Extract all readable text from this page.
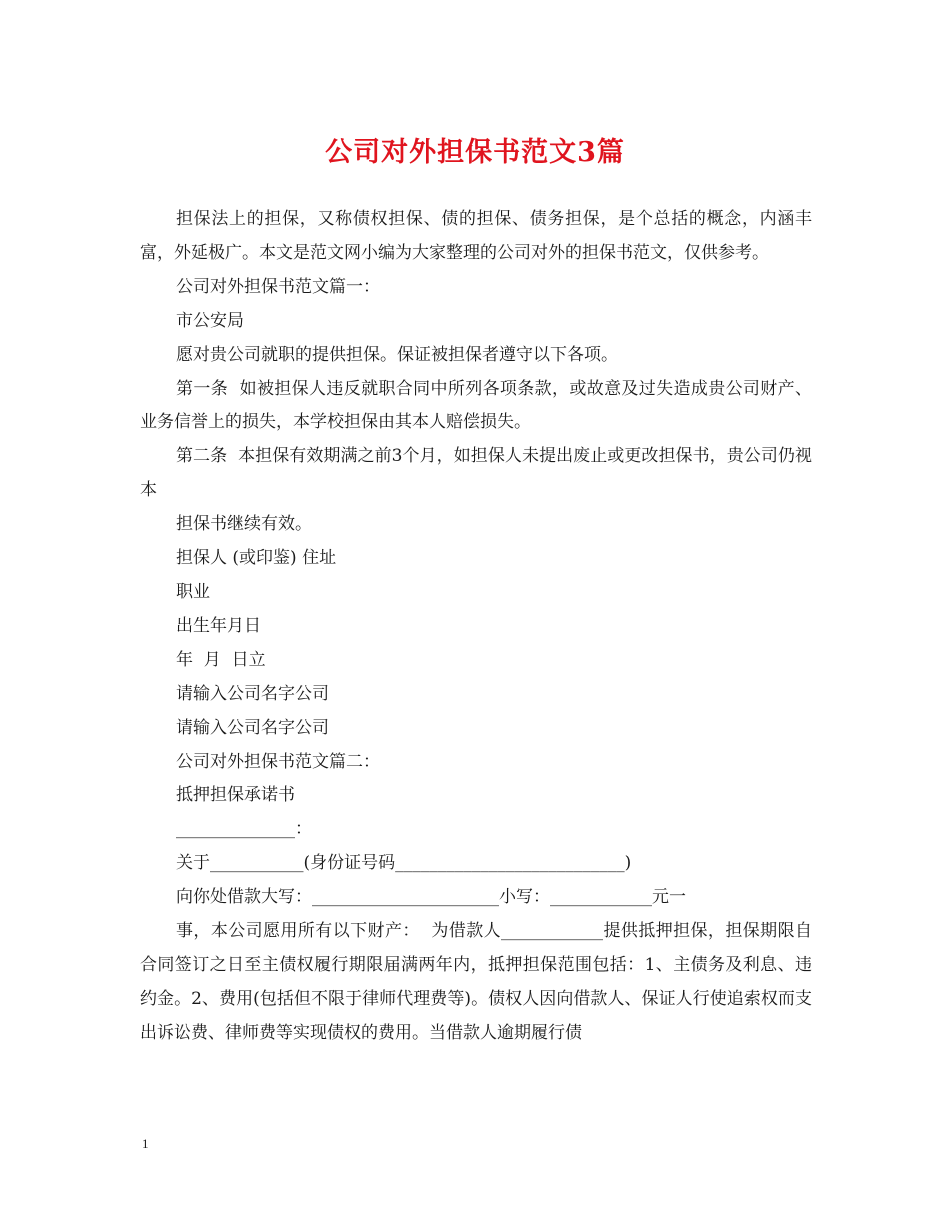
公司对外担保书范文3篇

担保法上的担保，又称债权担保、债的担保、债务担保，是个总括的概念，内涵丰富，外延极广。本文是范文网小编为大家整理的公司对外的担保书范文，仅供参考。

公司对外担保书范文篇一：

市公安局

愿对贵公司就职的提供担保。保证被担保者遵守以下各项。

第一条  如被担保人违反就职合同中所列各项条款，或故意及过失造成贵公司财产、  业务信誉上的损失，本学校担保由其本人赔偿损失。

第二条  本担保有效期满之前3个月，如担保人未提出废止或更改担保书，贵公司仍视本

担保书继续有效。

担保人 (或印鉴) 住址

职业

出生年月日

年  月  日立

请输入公司名字公司

请输入公司名字公司

公司对外担保书范文篇二：

抵押担保承诺书

______________：

关于___________(身份证号码___________________________)

向你处借款大写：______________________小写：____________元一

事，本公司愿用所有以下财产：  为借款人____________提供抵押担保，担保期限自合同签订之日至主债权履行期限届满两年内，抵押担保范围包括：1、主债务及利息、违约金。2、费用(包括但不限于律师代理费等)。债权人因向借款人、保证人行使追索权而支出诉讼费、律师费等实现债权的费用。当借款人逾期履行债

1
